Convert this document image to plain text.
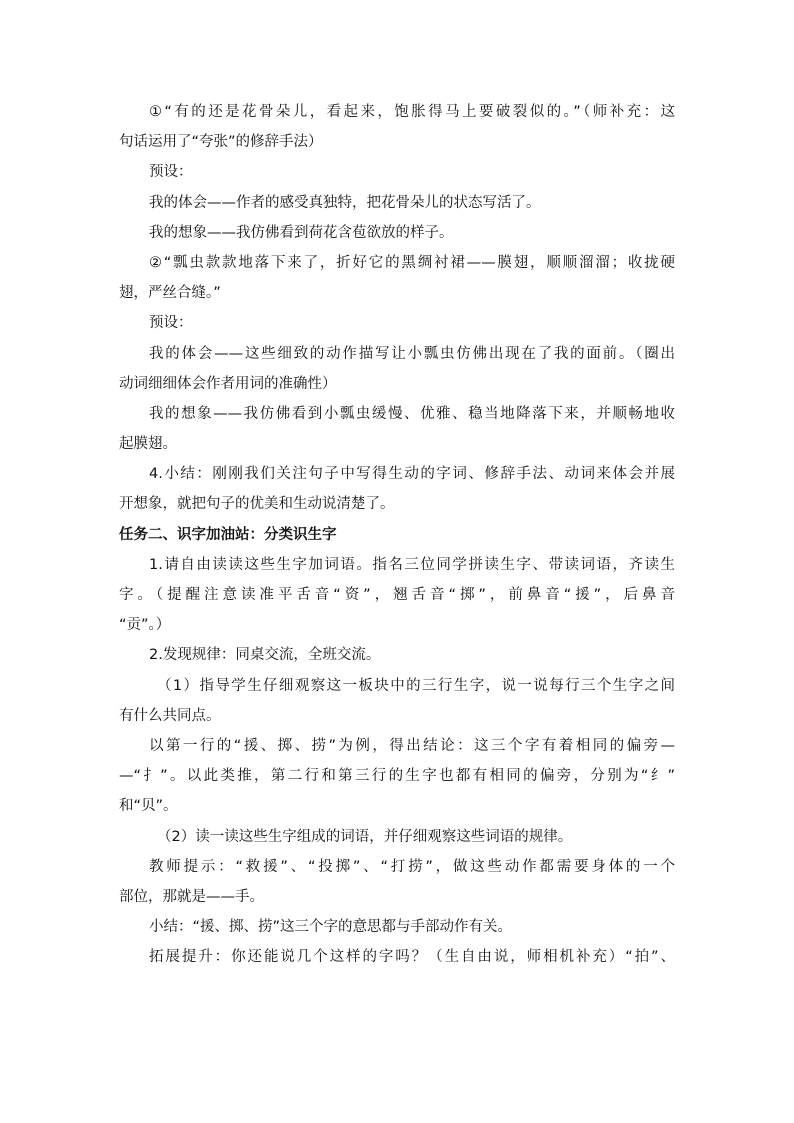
①“有的还是花骨朵儿，看起来，饱胀得马上要破裂似的。”（师补充：这
句话运用了“夸张”的修辞手法）
预设：
我的体会——作者的感受真独特，把花骨朵儿的状态写活了。
我的想象——我仿佛看到荷花含苞欲放的样子。
②“瓢虫款款地落下来了，折好它的黑绸衬裙——膜翅，顺顺溜溜；收拢硬
翅，严丝合缝。”
预设：
我的体会——这些细致的动作描写让小瓢虫仿佛出现在了我的面前。（圈出
动词细细体会作者用词的准确性）
我的想象——我仿佛看到小瓢虫缓慢、优雅、稳当地降落下来，并顺畅地收
起膜翅。
4.小结：刚刚我们关注句子中写得生动的字词、修辞手法、动词来体会并展
开想象，就把句子的优美和生动说清楚了。
任务二、识字加油站：分类识生字
1.请自由读读这些生字加词语。指名三位同学拼读生字、带读词语，齐读生
字。（提醒注意读准平舌音“资”，翘舌音“掷”，前鼻音“援”，后鼻音
“贡”。）
2.发现规律：同桌交流，全班交流。
（1）指导学生仔细观察这一板块中的三行生字，说一说每行三个生字之间
有什么共同点。
以第一行的“援、掷、捞”为例，得出结论：这三个字有着相同的偏旁—
—“扌”。以此类推，第二行和第三行的生字也都有相同的偏旁，分别为“纟”
和“贝”。
（2）读一读这些生字组成的词语，并仔细观察这些词语的规律。
教师提示：“救援”、“投掷”、“打捞”，做这些动作都需要身体的一个
部位，那就是——手。
小结：“援、掷、捞”这三个字的意思都与手部动作有关。
拓展提升：你还能说几个这样的字吗？（生自由说，师相机补充）“拍”、
